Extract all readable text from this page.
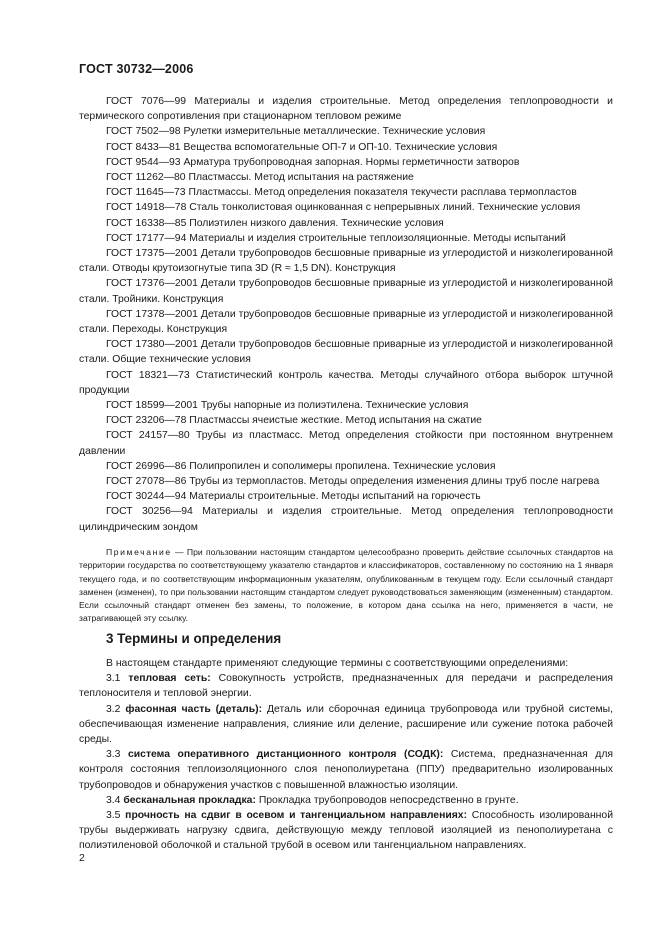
ГОСТ 30732—2006
ГОСТ 7076—99 Материалы и изделия строительные. Метод определения теплопроводности и термического сопротивления при стационарном тепловом режиме
ГОСТ 7502—98 Рулетки измерительные металлические. Технические условия
ГОСТ 8433—81 Вещества вспомогательные ОП-7 и ОП-10. Технические условия
ГОСТ 9544—93 Арматура трубопроводная запорная. Нормы герметичности затворов
ГОСТ 11262—80 Пластмассы. Метод испытания на растяжение
ГОСТ 11645—73 Пластмассы. Метод определения показателя текучести расплава термопластов
ГОСТ 14918—78 Сталь тонколистовая оцинкованная с непрерывных линий. Технические условия
ГОСТ 16338—85 Полиэтилен низкого давления. Технические условия
ГОСТ 17177—94 Материалы и изделия строительные теплоизоляционные. Методы испытаний
ГОСТ 17375—2001 Детали трубопроводов бесшовные приварные из углеродистой и низколегированной стали. Отводы крутоизогнутые типа 3D (R ≈ 1,5 DN). Конструкция
ГОСТ 17376—2001 Детали трубопроводов бесшовные приварные из углеродистой и низколегированной стали. Тройники. Конструкция
ГОСТ 17378—2001 Детали трубопроводов бесшовные приварные из углеродистой и низколегированной стали. Переходы. Конструкция
ГОСТ 17380—2001 Детали трубопроводов бесшовные приварные из углеродистой и низколегированной стали. Общие технические условия
ГОСТ 18321—73 Статистический контроль качества. Методы случайного отбора выборок штучной продукции
ГОСТ 18599—2001 Трубы напорные из полиэтилена. Технические условия
ГОСТ 23206—78 Пластмассы ячеистые жесткие. Метод испытания на сжатие
ГОСТ 24157—80 Трубы из пластмасс. Метод определения стойкости при постоянном внутреннем давлении
ГОСТ 26996—86 Полипропилен и сополимеры пропилена. Технические условия
ГОСТ 27078—86 Трубы из термопластов. Методы определения изменения длины труб после нагрева
ГОСТ 30244—94 Материалы строительные. Методы испытаний на горючесть
ГОСТ 30256—94 Материалы и изделия строительные. Метод определения теплопроводности цилиндрическим зондом
Примечание — При пользовании настоящим стандартом целесообразно проверить действие ссылочных стандартов на территории государства по соответствующему указателю стандартов и классификаторов, составленному по состоянию на 1 января текущего года, и по соответствующим информационным указателям, опубликованным в текущем году. Если ссылочный стандарт заменен (изменен), то при пользовании настоящим стандартом следует руководствоваться заменяющим (измененным) стандартом. Если ссылочный стандарт отменен без замены, то положение, в котором дана ссылка на него, применяется в части, не затрагивающей эту ссылку.
3 Термины и определения
В настоящем стандарте применяют следующие термины с соответствующими определениями:
3.1 тепловая сеть: Совокупность устройств, предназначенных для передачи и распределения теплоносителя и тепловой энергии.
3.2 фасонная часть (деталь): Деталь или сборочная единица трубопровода или трубной системы, обеспечивающая изменение направления, слияние или деление, расширение или сужение потока рабочей среды.
3.3 система оперативного дистанционного контроля (СОДК): Система, предназначенная для контроля состояния теплоизоляционного слоя пенополиуретана (ППУ) предварительно изолированных трубопроводов и обнаружения участков с повышенной влажностью изоляции.
3.4 бесканальная прокладка: Прокладка трубопроводов непосредственно в грунте.
3.5 прочность на сдвиг в осевом и тангенциальном направлениях: Способность изолированной трубы выдерживать нагрузку сдвига, действующую между тепловой изоляцией из пенополиуретана с полиэтиленовой оболочкой и стальной трубой в осевом или тангенциальном направлениях.
2
